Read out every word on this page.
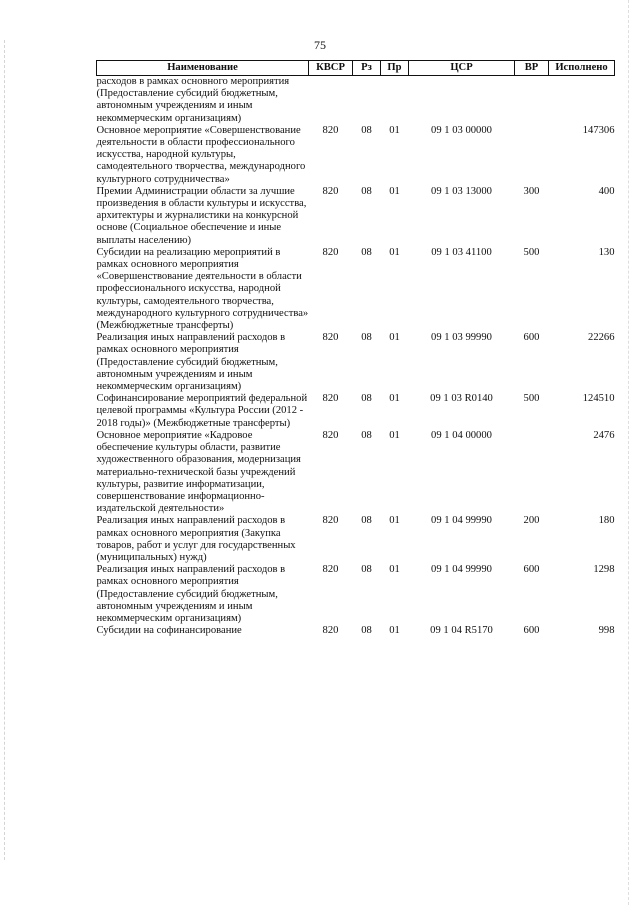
75
Наименование	КВСР	Рз	Пр	ЦСР	ВР	Исполнено
расходов в рамках основного мероприятия (Предоставление субсидий бюджетным, автономным учреждениям и иным некоммерческим организациям)						
Основное мероприятие «Совершенствование деятельности в области профессионального искусства, народной культуры, самодеятельного творчества, международного культурного сотрудничества»	820	08	01	09 1 03 00000		147306
Премии Администрации области за лучшие произведения в области культуры и искусства, архитектуры и журналистики на конкурсной основе (Социальное обеспечение и иные выплаты населению)	820	08	01	09 1 03 13000	300	400
Субсидии на реализацию мероприятий в рамках основного мероприятия «Совершенствование деятельности в области профессионального искусства, народной культуры, самодеятельного творчества, международного культурного сотрудничества» (Межбюджетные трансферты)	820	08	01	09 1 03 41100	500	130
Реализация иных направлений расходов в рамках основного мероприятия (Предоставление субсидий бюджетным, автономным учреждениям и иным некоммерческим организациям)	820	08	01	09 1 03 99990	600	22266
Софинансирование мероприятий федеральной целевой программы «Культура России (2012 - 2018 годы)» (Межбюджетные трансферты)	820	08	01	09 1 03 R0140	500	124510
Основное мероприятие «Кадровое обеспечение культуры области, развитие художественного образования, модернизация материально-технической базы учреждений культуры, развитие информатизации, совершенствование информационно-издательской деятельности»	820	08	01	09 1 04 00000		2476
Реализация иных направлений расходов в рамках основного мероприятия (Закупка товаров, работ и услуг для государственных (муниципальных) нужд)	820	08	01	09 1 04 99990	200	180
Реализация иных направлений расходов в рамках основного мероприятия (Предоставление субсидий бюджетным, автономным учреждениям и иным некоммерческим организациям)	820	08	01	09 1 04 99990	600	1298
Субсидии на софинансирование	820	08	01	09 1 04 R5170	600	998
